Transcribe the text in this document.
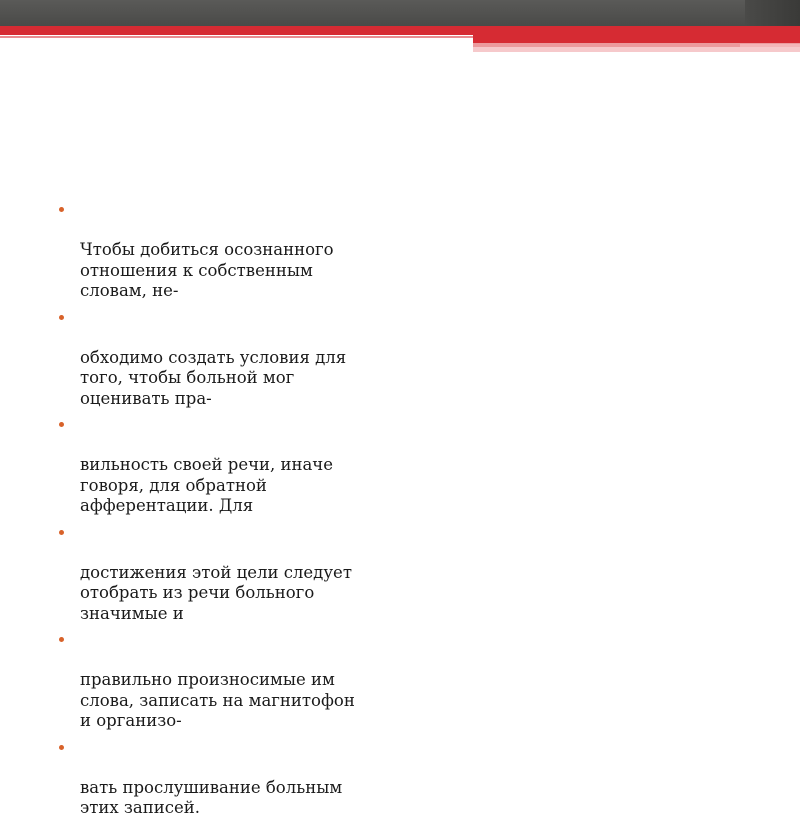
Чтобы добиться осознанного
отношения к собственным
словам, не-

обходимо создать условия для
того, чтобы больной мог
оценивать пра-

вильность своей речи, иначе
говоря, для обратной
афферентации. Для

достижения этой цели следует
отобрать из речи больного
значимые и

правильно произносимые им
слова, записать на магнитофон
и организо-

вать прослушивание больным
этих записей.
